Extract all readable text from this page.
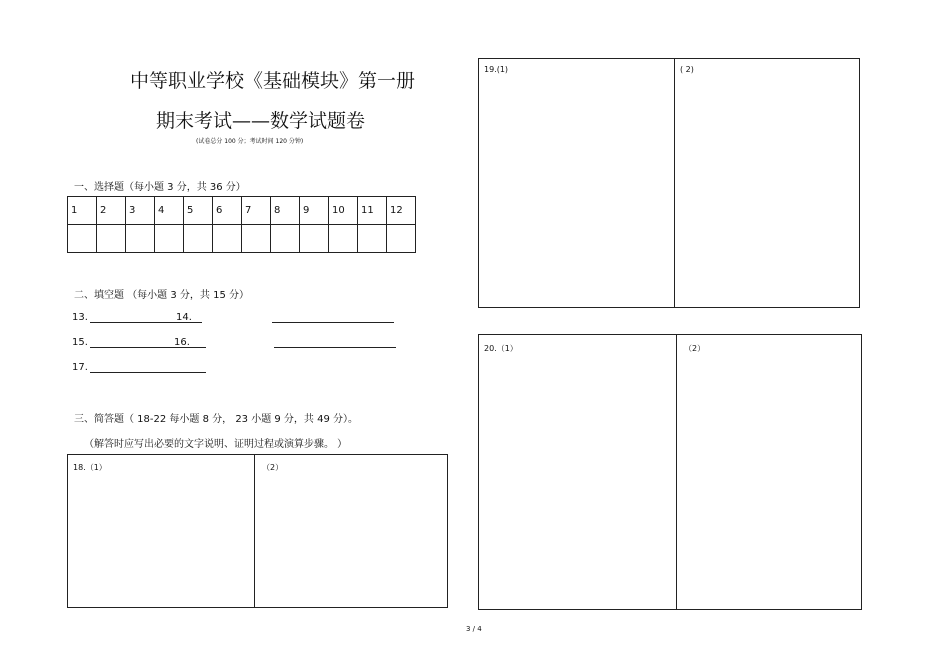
中等职业学校《基础模块》第一册
期末考试——数学试题卷
(试卷总分 100 分；考试时间 120 分钟)
一、选择题（每小题 3 分，共 36 分）
1	2	3	4	5	6	7	8	9	10	11	12

二、填空题 （每小题 3 分，共 15 分）
13.	14.
15.	16.
17.
三、简答题（ 18-22 每小题 8 分， 23 小题 9 分，共 49 分）。
（解答时应写出必要的文字说明、证明过程或演算步骤。 ）
18.（1）	（2）
19.(1)	( 2)
20.（1）	（2）
3 / 4
